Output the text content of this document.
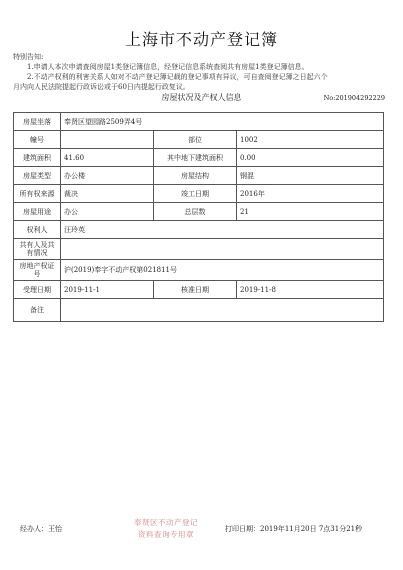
上海市不动产登记簿
特别告知:
1.申请人本次申请查阅房屋1类登记簿信息，经登记信息系统查阅共有房屋1类登记簿信息。
2.不动产权利的利害关系人如对不动产登记簿记载的登记事项有异议，可自查阅登记簿之日起六个
月内向人民法院提起行政诉讼或于60日内提起行政复议。
房屋状况及产权人信息	No:201904292229
房屋坐落	奉贤区望园路2509弄4号		
幢号		部位	1002
建筑面积	41.60	其中地下建筑面积	0.00
房屋类型	办公楼	房屋结构	钢混
所有权来源	裁决	竣工日期	2016年
房屋用途	办公	总层数	21
权利人	汪玲英		
共有人及共有情况			
房地产权证号	沪(2019)奉字不动产权第021811号		
受理日期	2019-11-1	核准日期	2019-11-8
备注			
经办人：王怡	打印日期：2019年11月20日 7点31分21秒
奉贤区不动产登记
资料查询专用章
